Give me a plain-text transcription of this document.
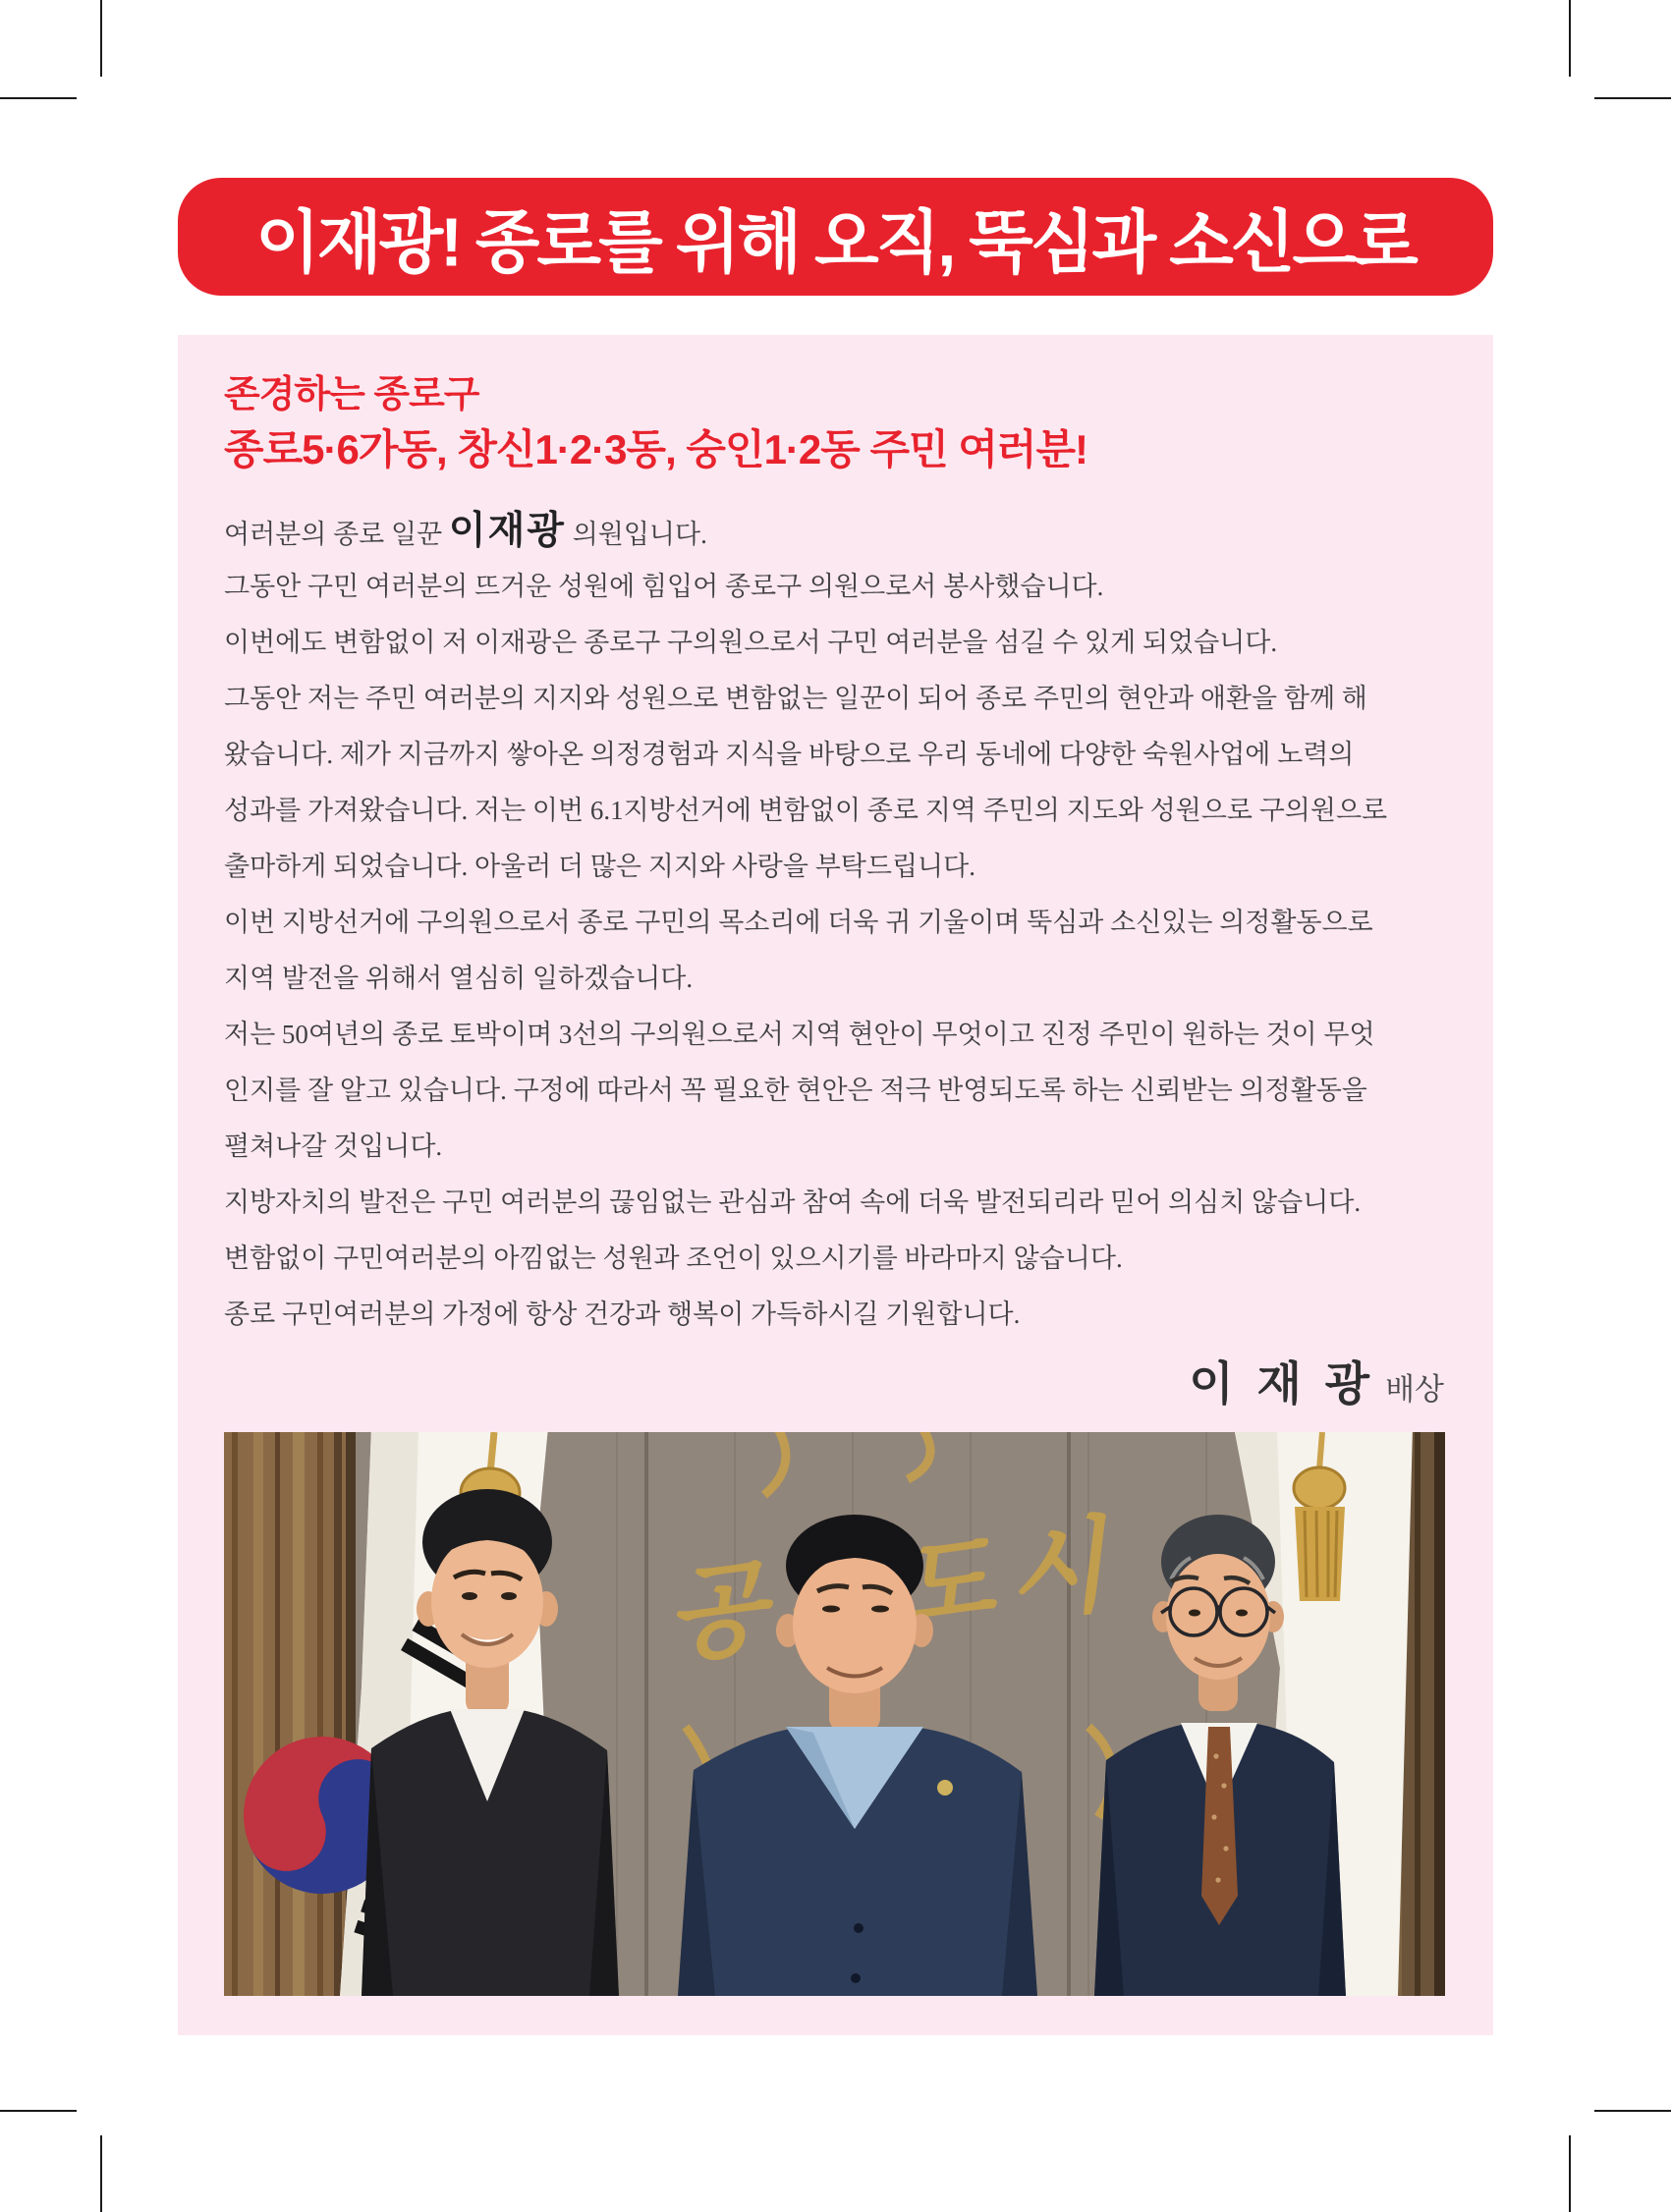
이재광! 종로를 위해 오직, 뚝심과 소신으로
존경하는 종로구
종로5·6가동, 창신1·2·3동, 숭인1·2동 주민 여러분!
여러분의 종로 일꾼 이재광 의원입니다.
그동안 구민 여러분의 뜨거운 성원에 힘입어 종로구 의원으로서 봉사했습니다.
이번에도 변함없이 저 이재광은 종로구 구의원으로서 구민 여러분을 섬길 수 있게 되었습니다.
그동안 저는 주민 여러분의 지지와 성원으로 변함없는 일꾼이 되어 종로 주민의 현안과 애환을 함께 해
왔습니다. 제가 지금까지 쌓아온 의정경험과 지식을 바탕으로 우리 동네에 다양한 숙원사업에 노력의
성과를 가져왔습니다. 저는 이번 6.1지방선거에 변함없이 종로 지역 주민의 지도와 성원으로 구의원으로
출마하게 되었습니다. 아울러 더 많은 지지와 사랑을 부탁드립니다.
이번 지방선거에 구의원으로서 종로 구민의 목소리에 더욱 귀 기울이며 뚝심과 소신있는 의정활동으로
지역 발전을 위해서 열심히 일하겠습니다.
저는 50여년의 종로 토박이며 3선의 구의원으로서 지역 현안이 무엇이고 진정 주민이 원하는 것이 무엇
인지를 잘 알고 있습니다. 구정에 따라서 꼭 필요한 현안은 적극 반영되도록 하는 신뢰받는 의정활동을
펼쳐나갈 것입니다.
지방자치의 발전은 구민 여러분의 끊임없는 관심과 참여 속에 더욱 발전되리라 믿어 의심치 않습니다.
변함없이 구민여러분의 아낌없는 성원과 조언이 있으시기를 바라마지 않습니다.
종로 구민여러분의 가정에 항상 건강과 행복이 가득하시길 기원합니다.
이 재 광 배상
